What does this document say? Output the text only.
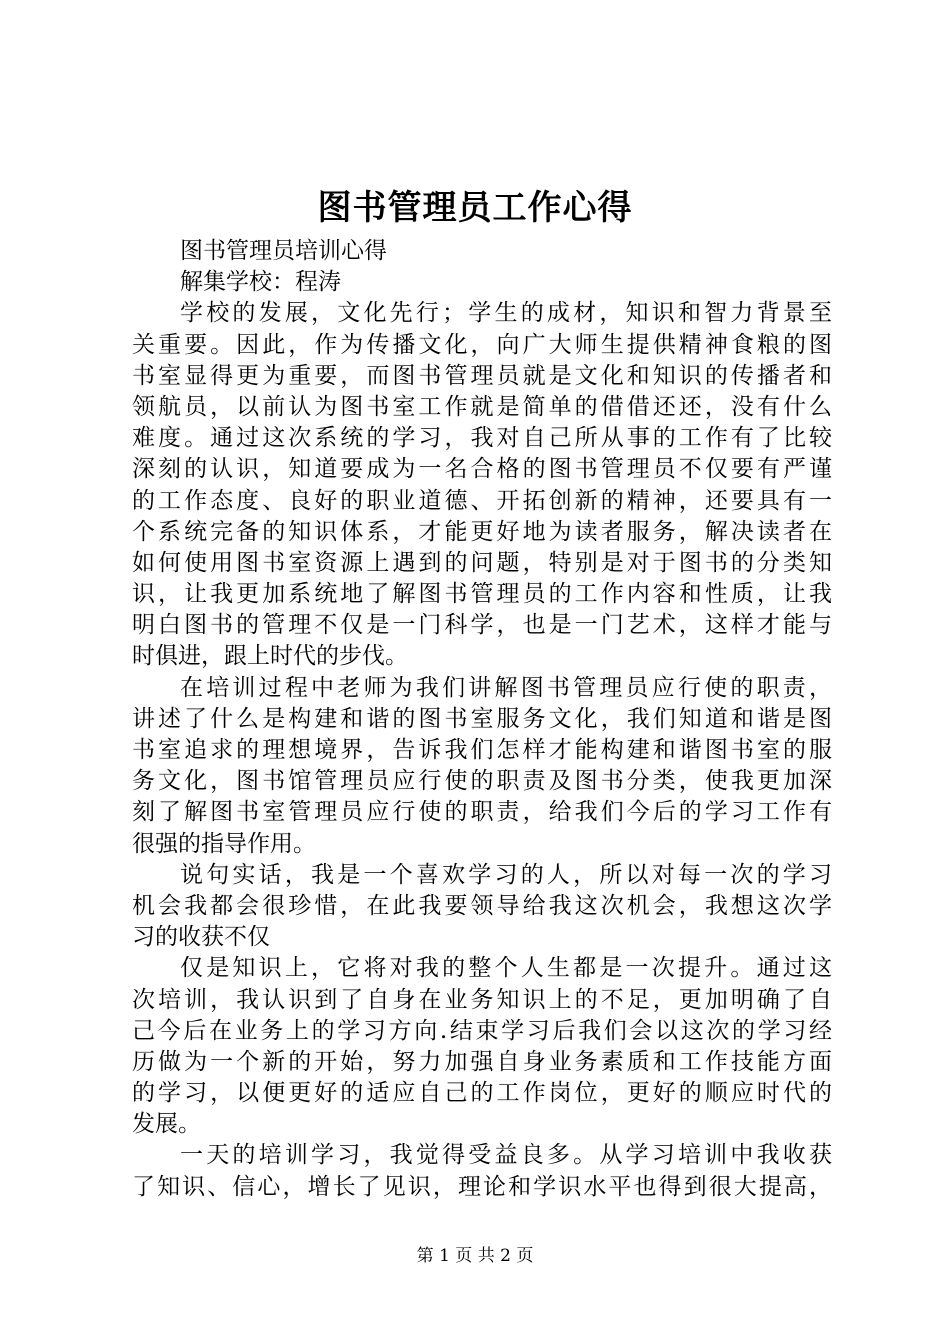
图书管理员工作心得
图书管理员培训心得
解集学校：程涛
学校的发展，文化先行；学生的成材，知识和智力背景至
关重要。因此，作为传播文化，向广大师生提供精神食粮的图
书室显得更为重要，而图书管理员就是文化和知识的传播者和
领航员，以前认为图书室工作就是简单的借借还还，没有什么
难度。通过这次系统的学习，我对自己所从事的工作有了比较
深刻的认识，知道要成为一名合格的图书管理员不仅要有严谨
的工作态度、良好的职业道德、开拓创新的精神，还要具有一
个系统完备的知识体系，才能更好地为读者服务，解决读者在
如何使用图书室资源上遇到的问题，特别是对于图书的分类知
识，让我更加系统地了解图书管理员的工作内容和性质，让我
明白图书的管理不仅是一门科学，也是一门艺术，这样才能与
时俱进，跟上时代的步伐。
在培训过程中老师为我们讲解图书管理员应行使的职责，
讲述了什么是构建和谐的图书室服务文化，我们知道和谐是图
书室追求的理想境界，告诉我们怎样才能构建和谐图书室的服
务文化，图书馆管理员应行使的职责及图书分类，使我更加深
刻了解图书室管理员应行使的职责，给我们今后的学习工作有
很强的指导作用。
说句实话，我是一个喜欢学习的人，所以对每一次的学习
机会我都会很珍惜，在此我要领导给我这次机会，我想这次学
习的收获不仅
仅是知识上，它将对我的整个人生都是一次提升。通过这
次培训，我认识到了自身在业务知识上的不足，更加明确了自
己今后在业务上的学习方向.结束学习后我们会以这次的学习经
历做为一个新的开始，努力加强自身业务素质和工作技能方面
的学习，以便更好的适应自己的工作岗位，更好的顺应时代的
发展。
一天的培训学习，我觉得受益良多。从学习培训中我收获
了知识、信心，增长了见识，理论和学识水平也得到很大提高，
第 1 页 共 2 页
